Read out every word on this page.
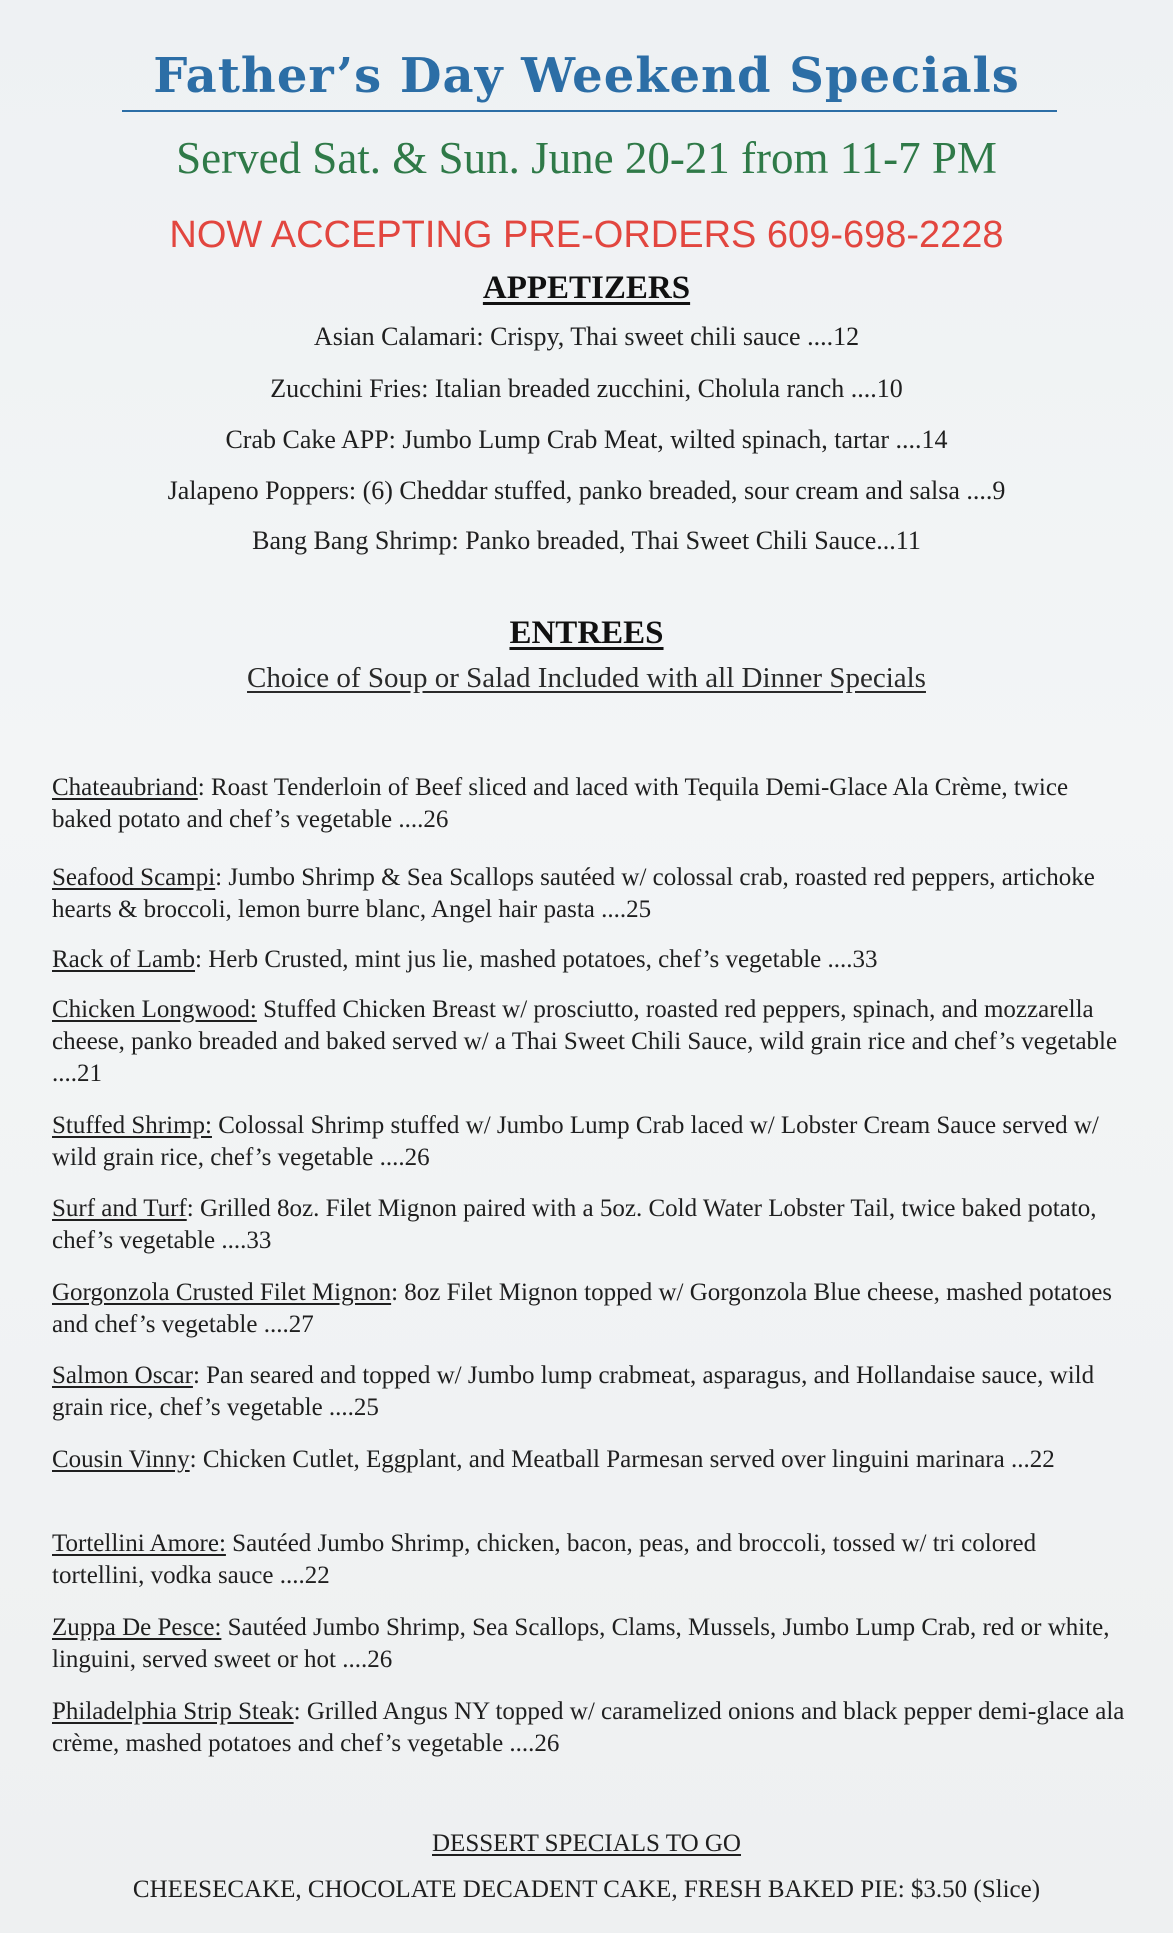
Father’s Day Weekend Specials
Served Sat. & Sun. June 20-21 from 11-7 PM
NOW ACCEPTING PRE-ORDERS 609-698-2228
APPETIZERS
Asian Calamari: Crispy, Thai sweet chili sauce ....12
Zucchini Fries: Italian breaded zucchini, Cholula ranch ....10
Crab Cake APP: Jumbo Lump Crab Meat, wilted spinach, tartar ....14
Jalapeno Poppers: (6) Cheddar stuffed, panko breaded, sour cream and salsa ....9
Bang Bang Shrimp: Panko breaded, Thai Sweet Chili Sauce...11
ENTREES
Choice of Soup or Salad Included with all Dinner Specials
Chateaubriand: Roast Tenderloin of Beef sliced and laced with Tequila Demi-Glace Ala Crème, twice baked potato and chef’s vegetable ....26
Seafood Scampi: Jumbo Shrimp & Sea Scallops sautéed w/ colossal crab, roasted red peppers, artichoke hearts & broccoli, lemon burre blanc, Angel hair pasta ....25
Rack of Lamb: Herb Crusted, mint jus lie, mashed potatoes, chef’s vegetable ....33
Chicken Longwood: Stuffed Chicken Breast w/ prosciutto, roasted red peppers, spinach, and mozzarella cheese, panko breaded and baked served w/ a Thai Sweet Chili Sauce, wild grain rice and chef’s vegetable ....21
Stuffed Shrimp: Colossal Shrimp stuffed w/ Jumbo Lump Crab laced w/ Lobster Cream Sauce served w/ wild grain rice, chef’s vegetable ....26
Surf and Turf: Grilled 8oz. Filet Mignon paired with a 5oz. Cold Water Lobster Tail, twice baked potato, chef’s vegetable ....33
Gorgonzola Crusted Filet Mignon: 8oz Filet Mignon topped w/ Gorgonzola Blue cheese, mashed potatoes and chef’s vegetable ....27
Salmon Oscar: Pan seared and topped w/ Jumbo lump crabmeat, asparagus, and Hollandaise sauce, wild grain rice, chef’s vegetable ....25
Cousin Vinny: Chicken Cutlet, Eggplant, and Meatball Parmesan served over linguini marinara ...22
Tortellini Amore: Sautéed Jumbo Shrimp, chicken, bacon, peas, and broccoli, tossed w/ tri colored tortellini, vodka sauce ....22
Zuppa De Pesce: Sautéed Jumbo Shrimp, Sea Scallops, Clams, Mussels, Jumbo Lump Crab, red or white, linguini, served sweet or hot ....26
Philadelphia Strip Steak: Grilled Angus NY topped w/ caramelized onions and black pepper demi-glace ala crème, mashed potatoes and chef’s vegetable ....26
DESSERT SPECIALS TO GO
CHEESECAKE, CHOCOLATE DECADENT CAKE, FRESH BAKED PIE: $3.50 (Slice)
